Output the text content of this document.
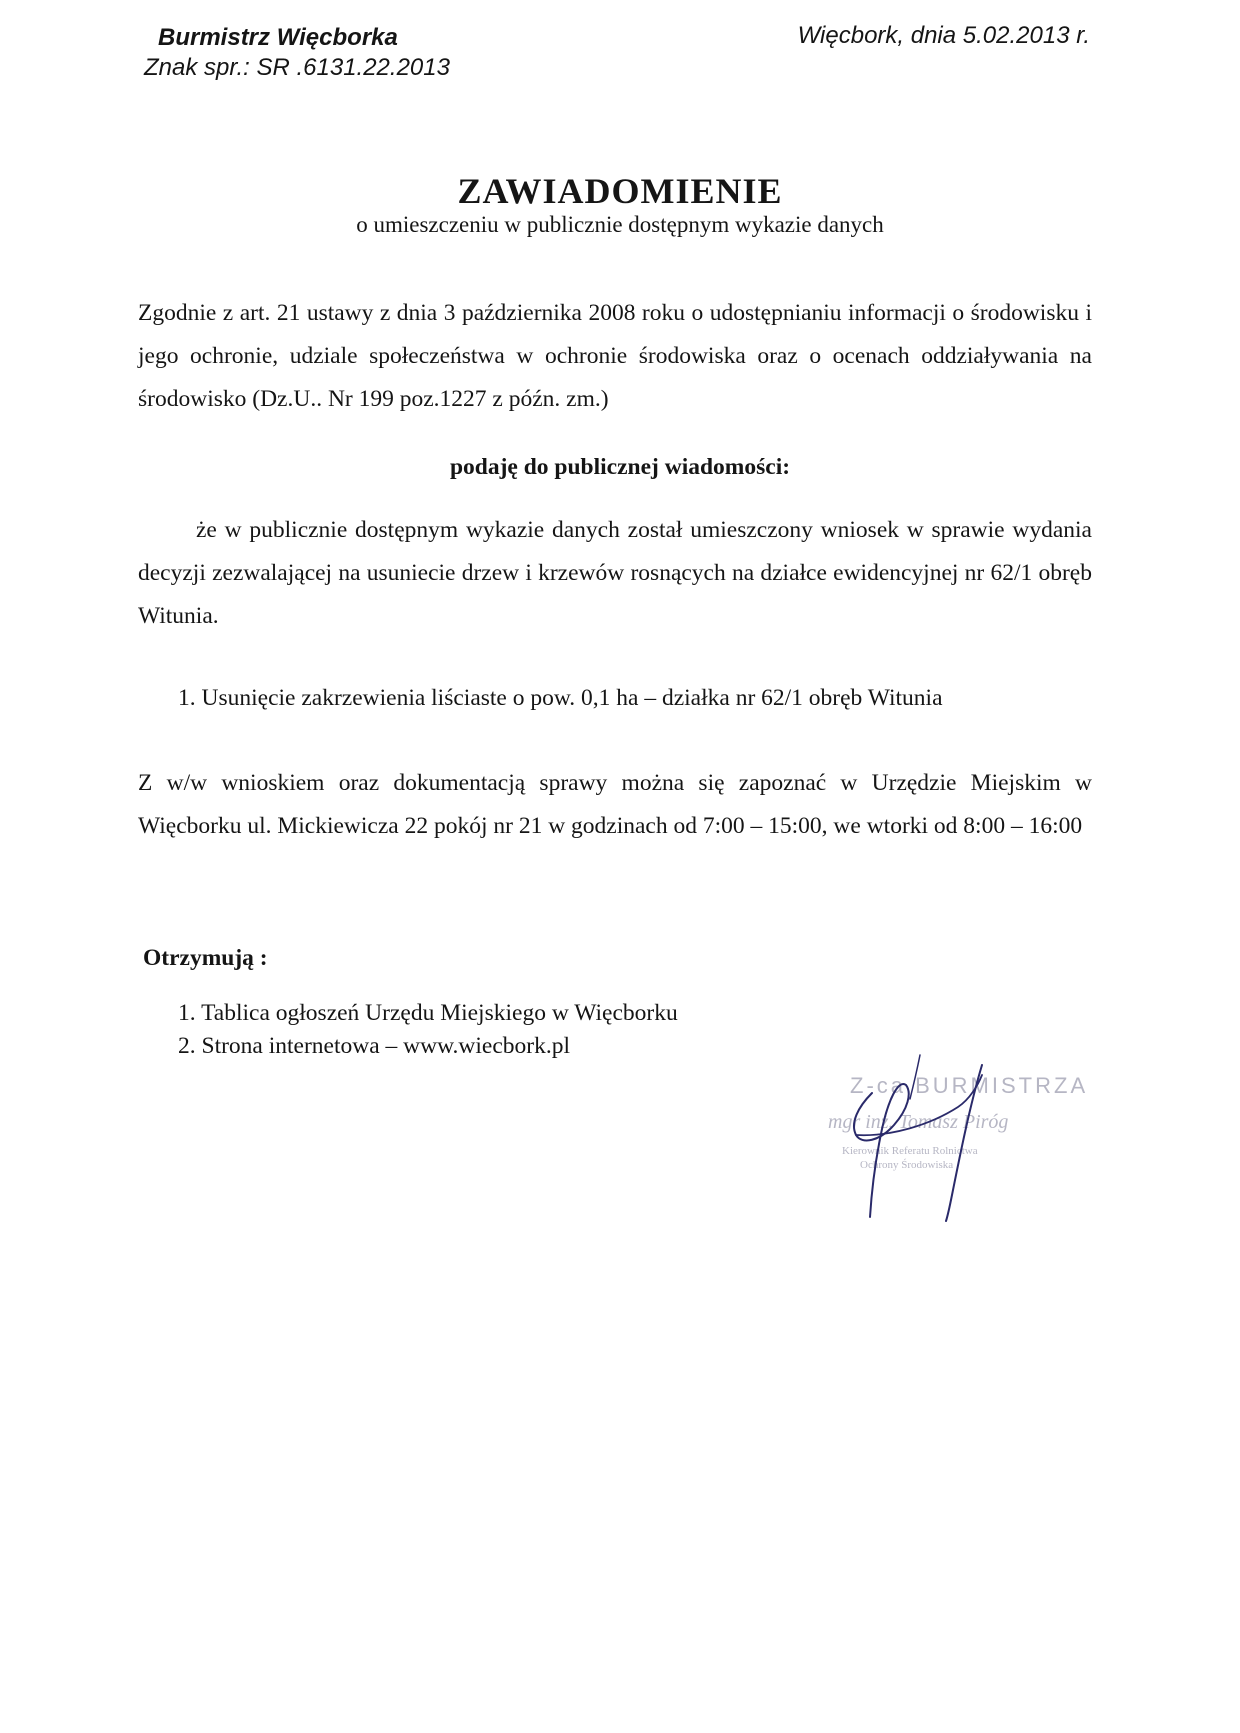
Burmistrz Więcborka

Znak spr.: SR .6131.22.2013

Więcbork, dnia 5.02.2013 r.

ZAWIADOMIENIE

o umieszczeniu w publicznie dostępnym wykazie danych

Zgodnie z art. 21 ustawy z dnia 3 października 2008 roku o udostępnianiu informacji o środowisku i jego ochronie, udziale społeczeństwa w ochronie środowiska oraz o ocenach oddziaływania na środowisko (Dz.U.. Nr 199 poz.1227 z późn. zm.)

podaję do publicznej wiadomości:

że w publicznie dostępnym wykazie danych został umieszczony wniosek w sprawie wydania decyzji zezwalającej na usuniecie drzew i krzewów rosnących na działce ewidencyjnej nr 62/1 obręb Witunia.

1. Usunięcie zakrzewienia liściaste o pow. 0,1 ha – działka nr 62/1 obręb Witunia

Z w/w wnioskiem oraz dokumentacją sprawy można się zapoznać w Urzędzie Miejskim w Więcborku ul. Mickiewicza 22 pokój nr 21 w godzinach od 7:00 – 15:00, we wtorki od 8:00 – 16:00

Otrzymują :

1. Tablica ogłoszeń Urzędu Miejskiego w Więcborku

2. Strona internetowa – www.wiecbork.pl

Z-ca BURMISTRZA
mgr inż. Tomasz Piróg
Kierownik Referatu Rolnictwa
Ochrony Środowiska
